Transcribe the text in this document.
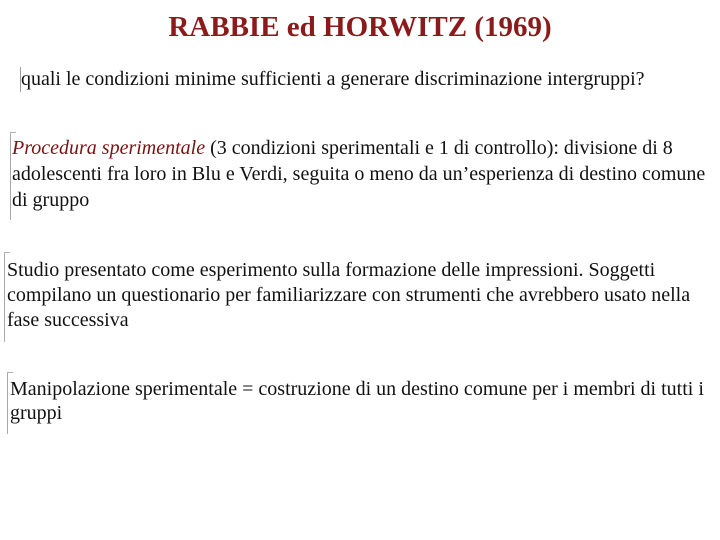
RABBIE ed HORWITZ (1969)

quali le condizioni minime sufficienti a generare discriminazione intergruppi?

Procedura sperimentale (3 condizioni sperimentali e 1 di controllo): divisione di 8 adolescenti fra loro in Blu e Verdi, seguita o meno da un’esperienza di destino comune di gruppo

Studio presentato come esperimento sulla formazione delle impressioni. Soggetti compilano un questionario per familiarizzare con strumenti che avrebbero usato nella fase successiva

Manipolazione sperimentale = costruzione di un destino comune per i membri di tutti i gruppi
